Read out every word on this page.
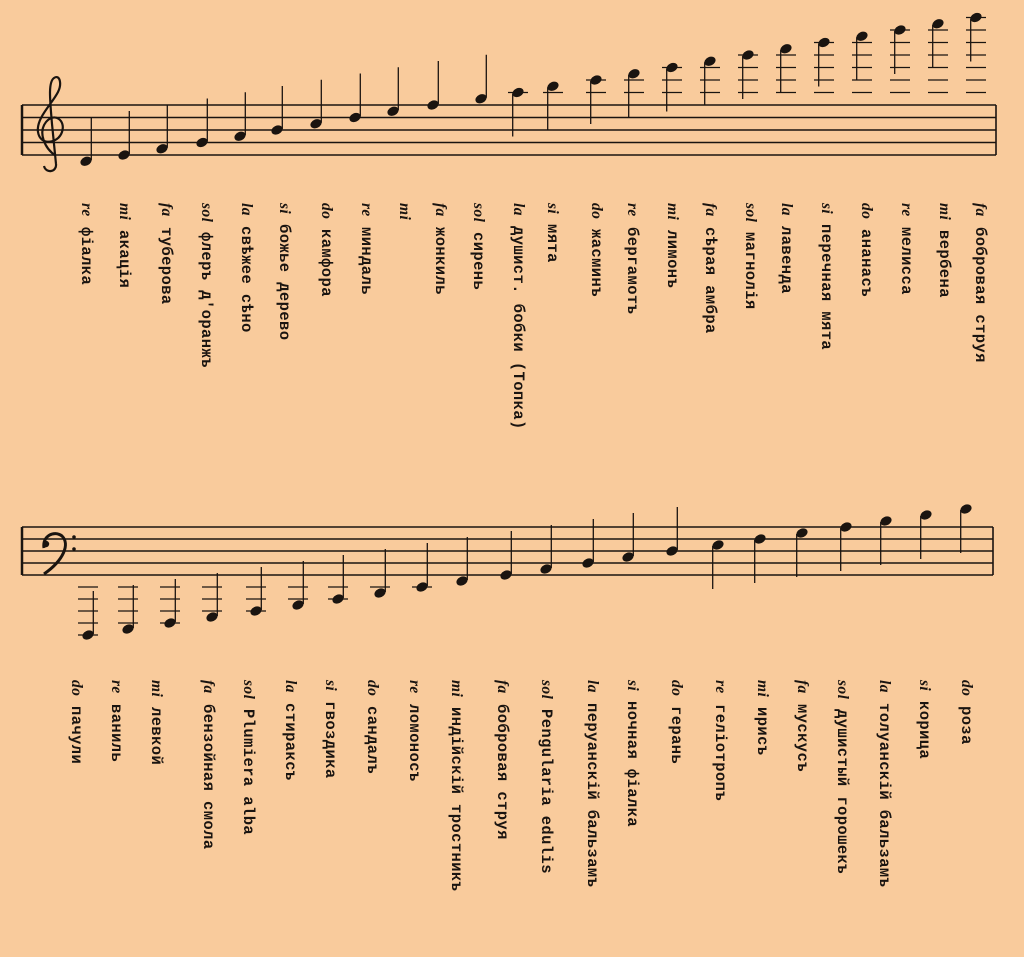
reфіалка
miакація
faтуберова
solфлеръ д'оранжъ
laсвѣжее сѣно
siбожье дерево
doкамфора
reминдаль
mi faжонкиль
solсирень
laдушист. бобки (Топка)
siмята
doжасминъ
reбергамотъ
miлимонъ
faсѣрая амбра
solмагнолія
laлавенда
siперечная мята
doананасъ
reмелисса
miвербена
faбобровая струя
doпачули
reваниль
miлевкой
faбензойная смола
solPlumiera alba
laстираксъ
siгвоздика
doсандалъ
reломоносъ
miиндійскій тростникъ
faбобровая струя
solPengularia edulis
laперуанскій бальзамъ
siночная фіалка
doгерань
reгеліотропъ
miирисъ
faмускусъ
solдушистый горошекъ
laтолуанскій бальзамъ
siкорица
doроза
